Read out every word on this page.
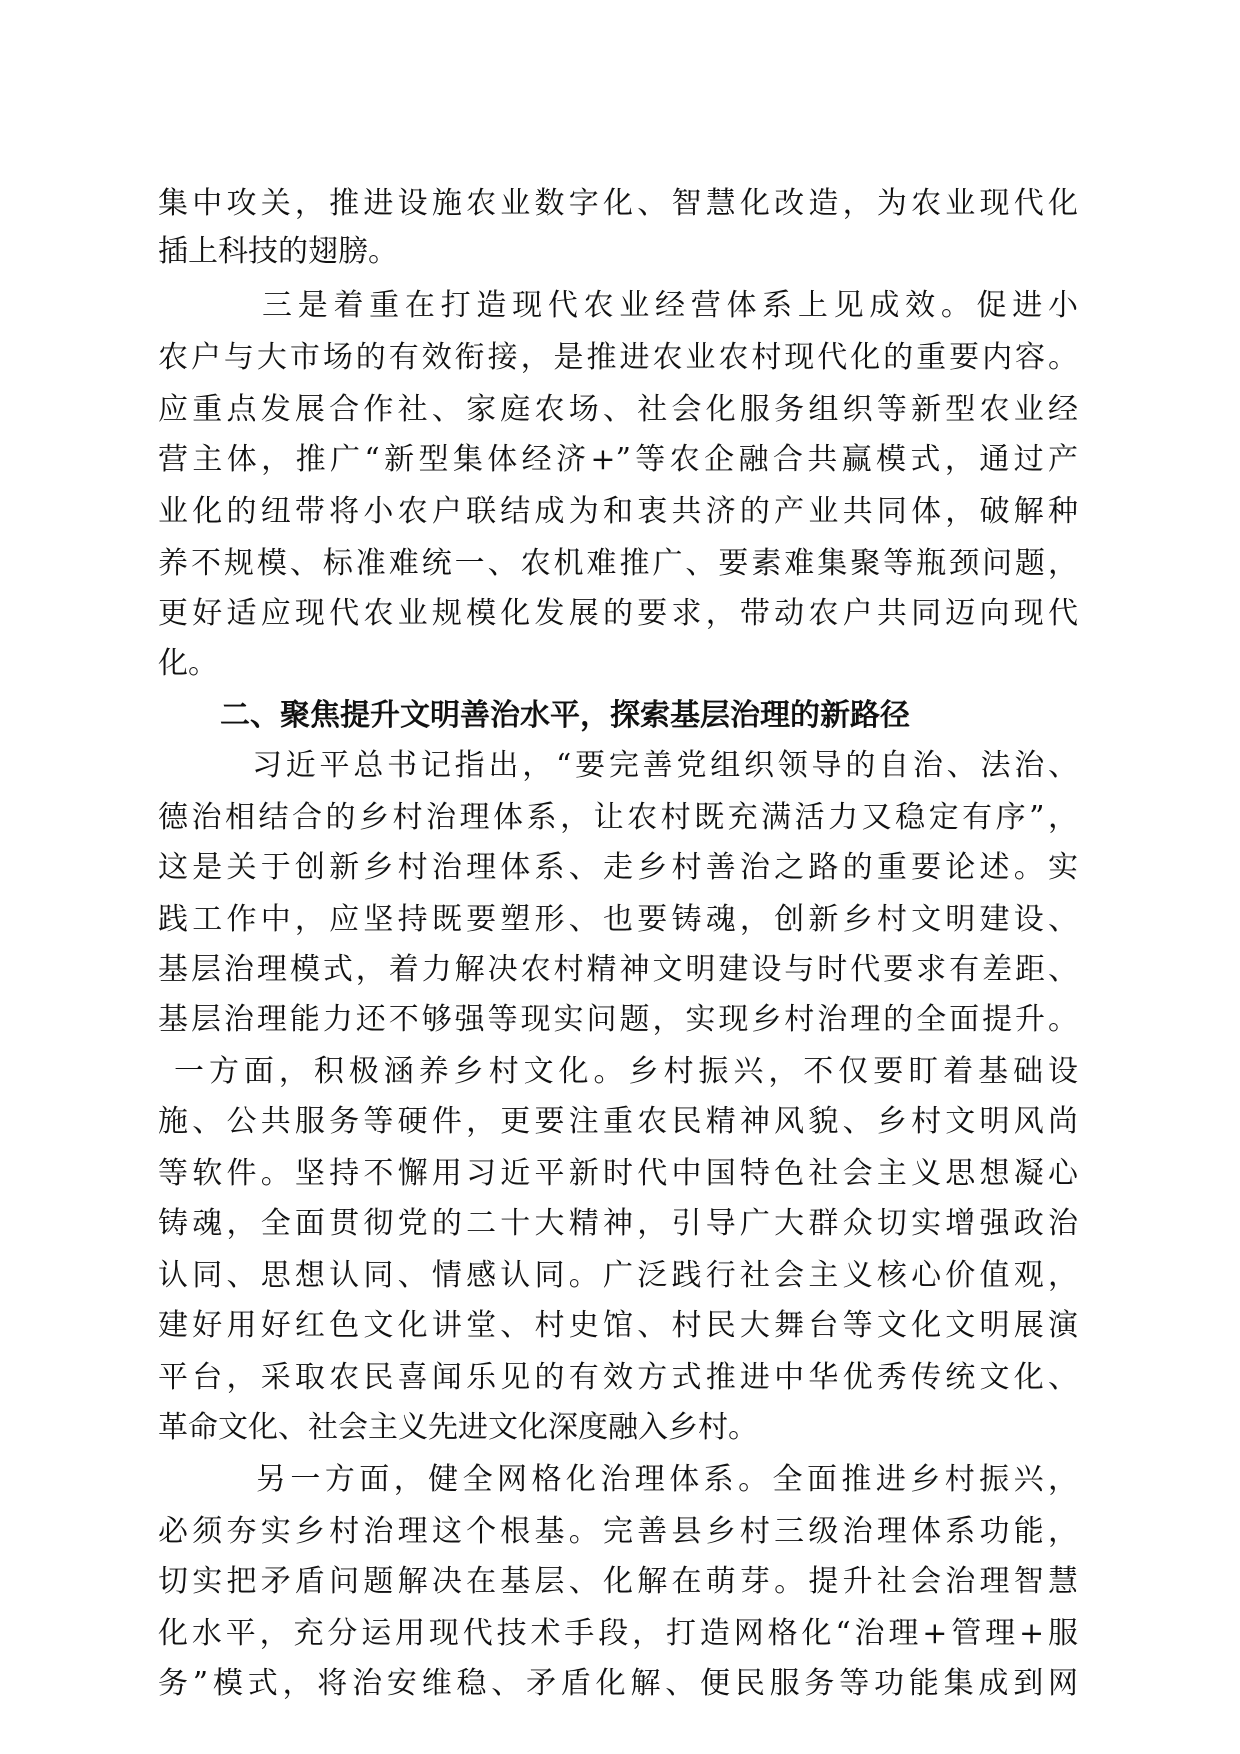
集中攻关，推进设施农业数字化、智慧化改造，为农业现代化
插上科技的翅膀。
三是着重在打造现代农业经营体系上见成效。促进小
农户与大市场的有效衔接，是推进农业农村现代化的重要内容。
应重点发展合作社、家庭农场、社会化服务组织等新型农业经
营主体，推广“新型集体经济+”等农企融合共赢模式，通过产
业化的纽带将小农户联结成为和衷共济的产业共同体，破解种
养不规模、标准难统一、农机难推广、要素难集聚等瓶颈问题，
更好适应现代农业规模化发展的要求，带动农户共同迈向现代
化。
二、聚焦提升文明善治水平，探索基层治理的新路径
习近平总书记指出，“要完善党组织领导的自治、法治、
德治相结合的乡村治理体系，让农村既充满活力又稳定有序”，
这是关于创新乡村治理体系、走乡村善治之路的重要论述。实
践工作中，应坚持既要塑形、也要铸魂，创新乡村文明建设、
基层治理模式，着力解决农村精神文明建设与时代要求有差距、
基层治理能力还不够强等现实问题，实现乡村治理的全面提升。
一方面，积极涵养乡村文化。乡村振兴，不仅要盯着基础设
施、公共服务等硬件，更要注重农民精神风貌、乡村文明风尚
等软件。坚持不懈用习近平新时代中国特色社会主义思想凝心
铸魂，全面贯彻党的二十大精神，引导广大群众切实增强政治
认同、思想认同、情感认同。广泛践行社会主义核心价值观，
建好用好红色文化讲堂、村史馆、村民大舞台等文化文明展演
平台，采取农民喜闻乐见的有效方式推进中华优秀传统文化、
革命文化、社会主义先进文化深度融入乡村。
另一方面，健全网格化治理体系。全面推进乡村振兴，
必须夯实乡村治理这个根基。完善县乡村三级治理体系功能，
切实把矛盾问题解决在基层、化解在萌芽。提升社会治理智慧
化水平，充分运用现代技术手段，打造网格化“治理+管理+服
务”模式，将治安维稳、矛盾化解、便民服务等功能集成到网
